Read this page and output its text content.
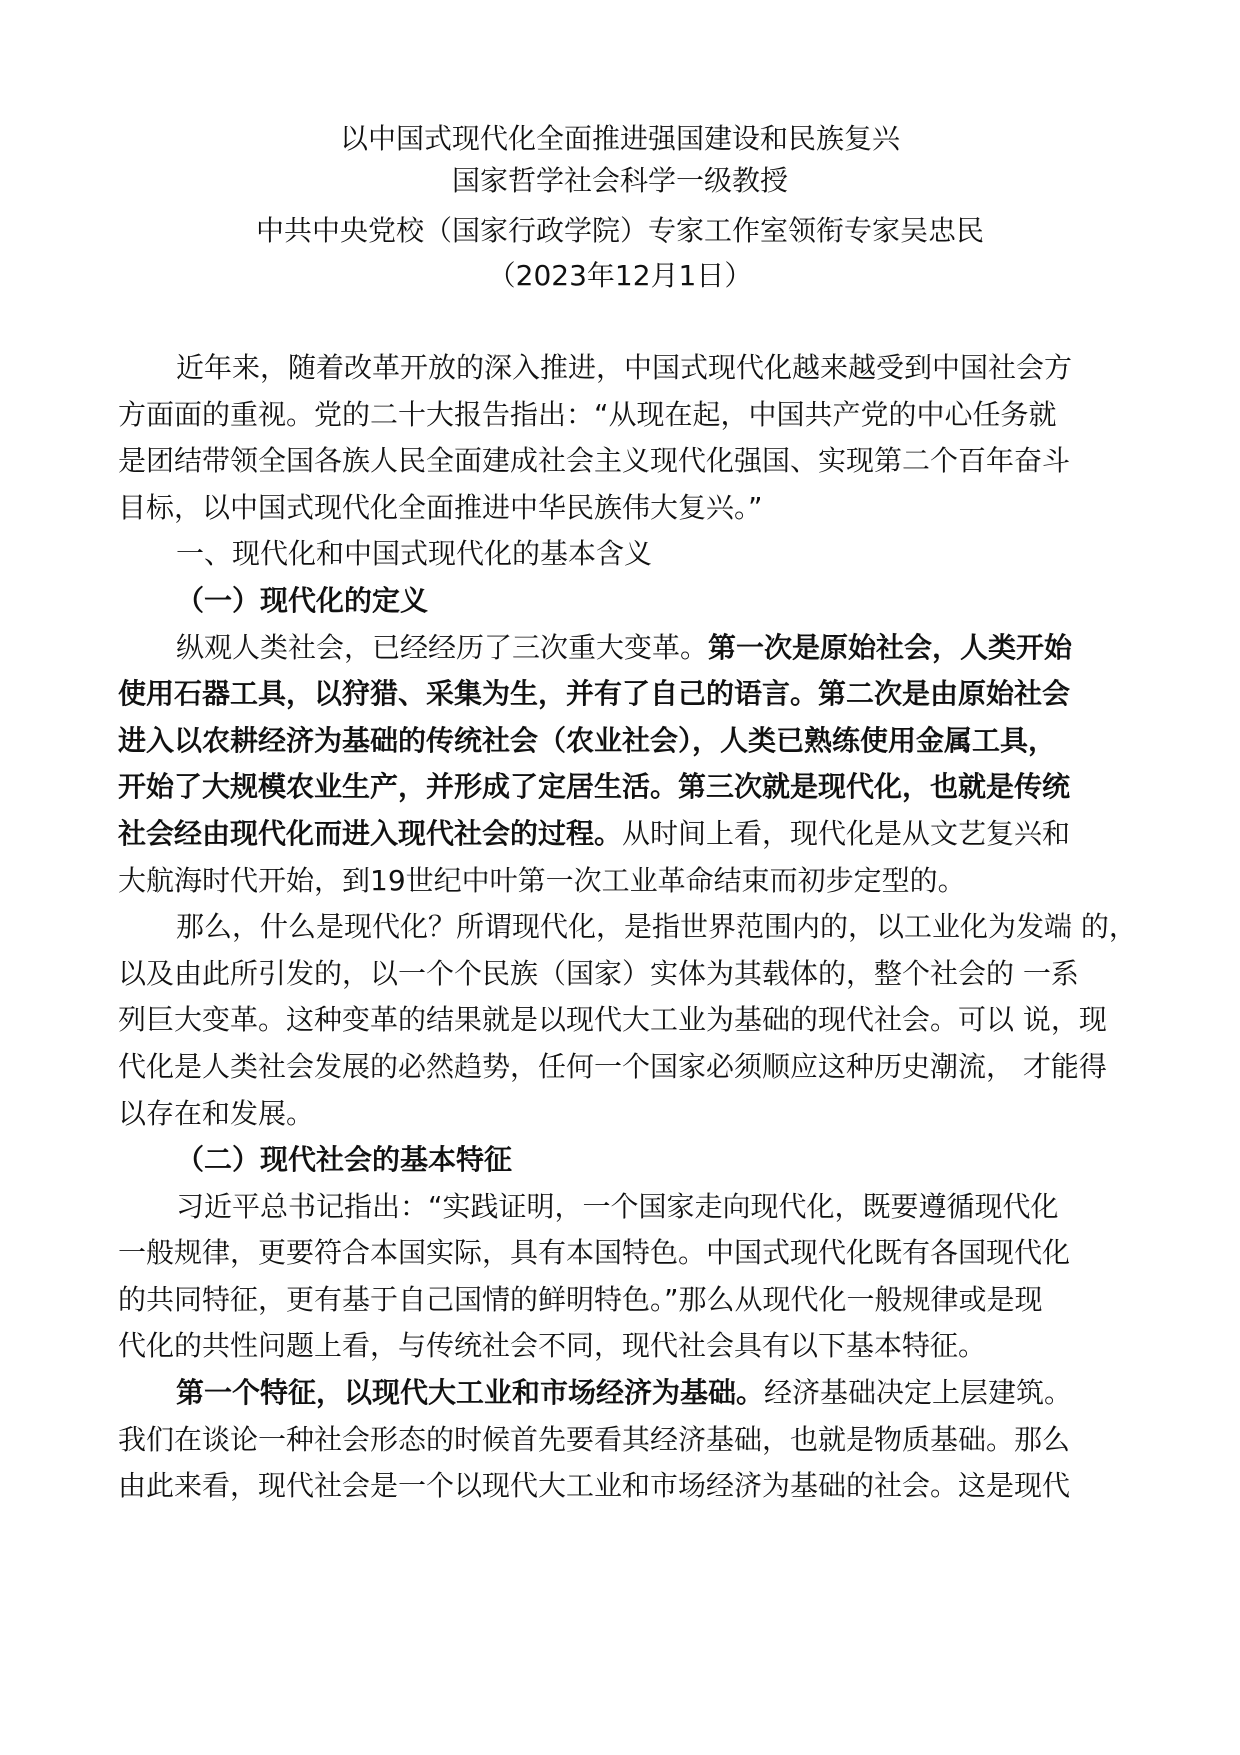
以中国式现代化全面推进强国建设和民族复兴
国家哲学社会科学一级教授
中共中央党校（国家行政学院）专家工作室领衔专家吴忠民
（2023年12月1日）

近年来，随着改革开放的深入推进，中国式现代化越来越受到中国社会方
方面面的重视。党的二十大报告指出：“从现在起，中国共产党的中心任务就
是团结带领全国各族人民全面建成社会主义现代化强国、实现第二个百年奋斗
目标，以中国式现代化全面推进中华民族伟大复兴。”

一、现代化和中国式现代化的基本含义

（一）现代化的定义

纵观人类社会，已经经历了三次重大变革。第一次是原始社会，人类开始
使用石器工具，以狩猎、采集为生，并有了自己的语言。第二次是由原始社会
进入以农耕经济为基础的传统社会（农业社会），人类已熟练使用金属工具，
开始了大规模农业生产，并形成了定居生活。第三次就是现代化，也就是传统
社会经由现代化而进入现代社会的过程。从时间上看，现代化是从文艺复兴和
大航海时代开始，到19世纪中叶第一次工业革命结束而初步定型的。

那么，什么是现代化？所谓现代化，是指世界范围内的，以工业化为发端 的，
以及由此所引发的，以一个个民族（国家）实体为其载体的，整个社会的 一系
列巨大变革。这种变革的结果就是以现代大工业为基础的现代社会。可以 说，现
代化是人类社会发展的必然趋势，任何一个国家必须顺应这种历史潮流， 才能得
以存在和发展。

（二）现代社会的基本特征

习近平总书记指出：“实践证明，一个国家走向现代化，既要遵循现代化
一般规律，更要符合本国实际，具有本国特色。中国式现代化既有各国现代化
的共同特征，更有基于自己国情的鲜明特色。”那么从现代化一般规律或是现
代化的共性问题上看，与传统社会不同，现代社会具有以下基本特征。

第一个特征，以现代大工业和市场经济为基础。经济基础决定上层建筑。
我们在谈论一种社会形态的时候首先要看其经济基础，也就是物质基础。那么
由此来看，现代社会是一个以现代大工业和市场经济为基础的社会。这是现代
